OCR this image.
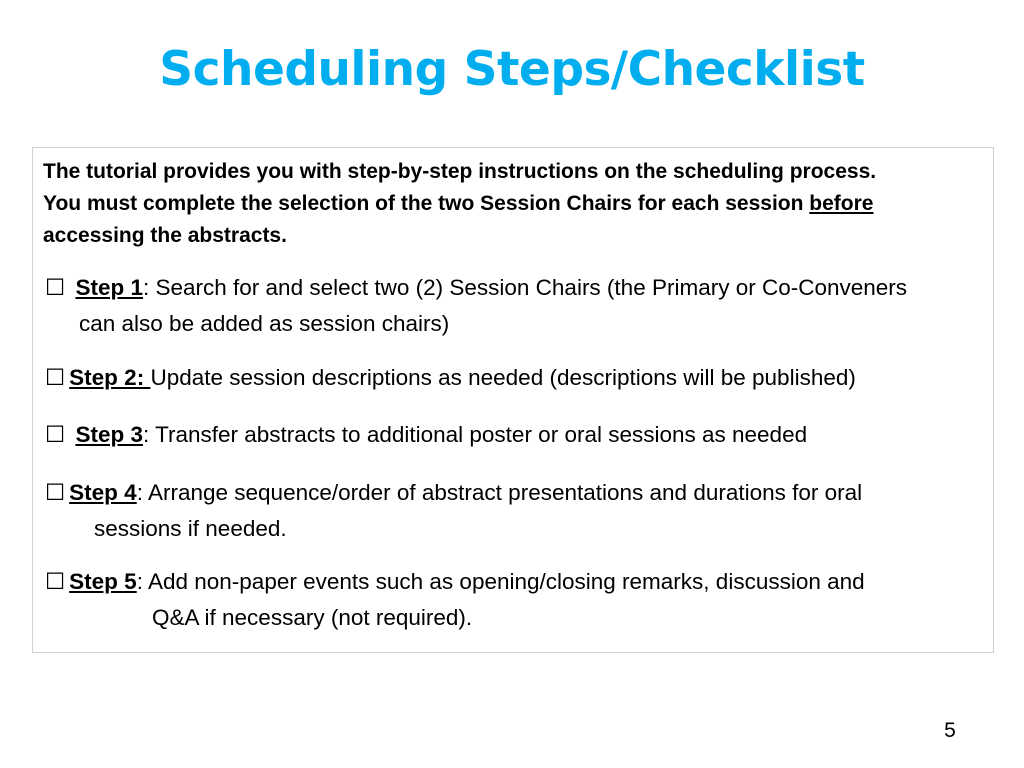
Scheduling Steps/Checklist

The tutorial provides you with step-by-step instructions on the scheduling process.
You must complete the selection of the two Session Chairs for each session before
accessing the abstracts.

☐ Step 1: Search for and select two (2) Session Chairs (the Primary or Co-Conveners
can also be added as session chairs)

☐ Step 2: Update session descriptions as needed (descriptions will be published)

☐ Step 3: Transfer abstracts to additional poster or oral sessions as needed

☐ Step 4: Arrange sequence/order of abstract presentations and durations for oral
sessions if needed.

☐ Step 5: Add non-paper events such as opening/closing remarks, discussion and
Q&A if necessary (not required).

5
